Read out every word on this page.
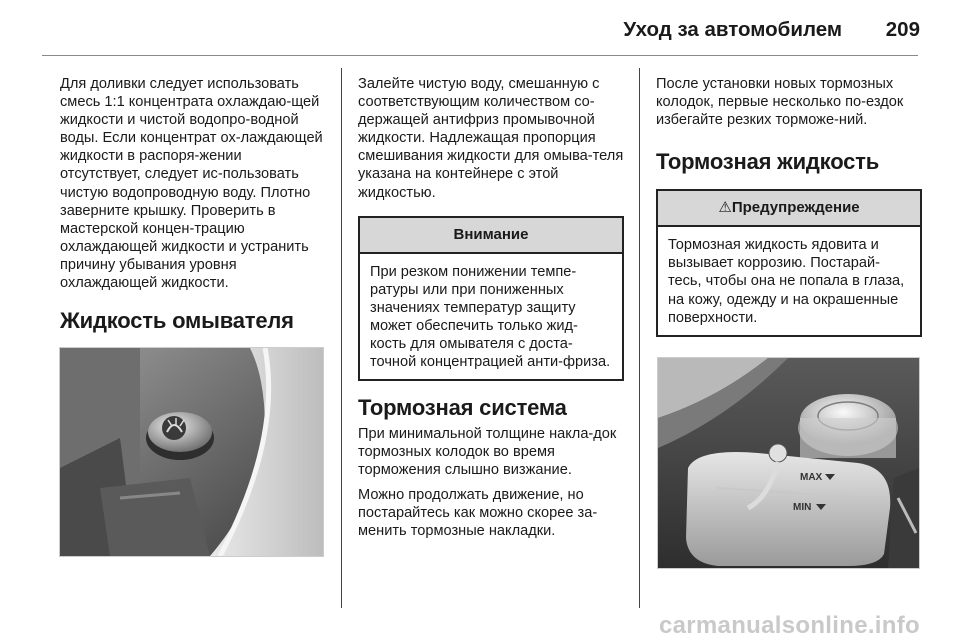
Уход за автомобилем 209

Для доливки следует использовать смесь 1:1 концентрата охлаждаю-щей жидкости и чистой водопро-водной воды. Если концентрат ох-лаждающей жидкости в распоря-жении отсутствует, следует ис-пользовать чистую водопроводную воду. Плотно заверните крышку. Проверить в мастерской концен-трацию охлаждающей жидкости и устранить причину убывания уровня охлаждающей жидкости.

Жидкость омывателя

Залейте чистую воду, смешанную с соответствующим количеством со-держащей антифриз промывочной жидкости. Надлежащая пропорция смешивания жидкости для омыва-теля указана на контейнере с этой жидкостью.

Внимание
При резком понижении темпе-ратуры или при пониженных значениях температур защиту может обеспечить только жид-кость для омывателя с доста-точной концентрацией анти-фриза.
Тормозная система

При минимальной толщине накла-док тормозных колодок во время торможения слышно визжание.

Можно продолжать движение, но постарайтесь как можно скорее за-менить тормозные накладки.

После установки новых тормозных колодок, первые несколько по-ездок избегайте резких торможе-ний.

Тормозная жидкость
⚠Предупреждение
Тормозная жидкость ядовита и вызывает коррозию. Постарай-тесь, чтобы она не попала в глаза, на кожу, одежду и на окрашенные поверхности.
MAX
MIN
carmanualsonline.info
